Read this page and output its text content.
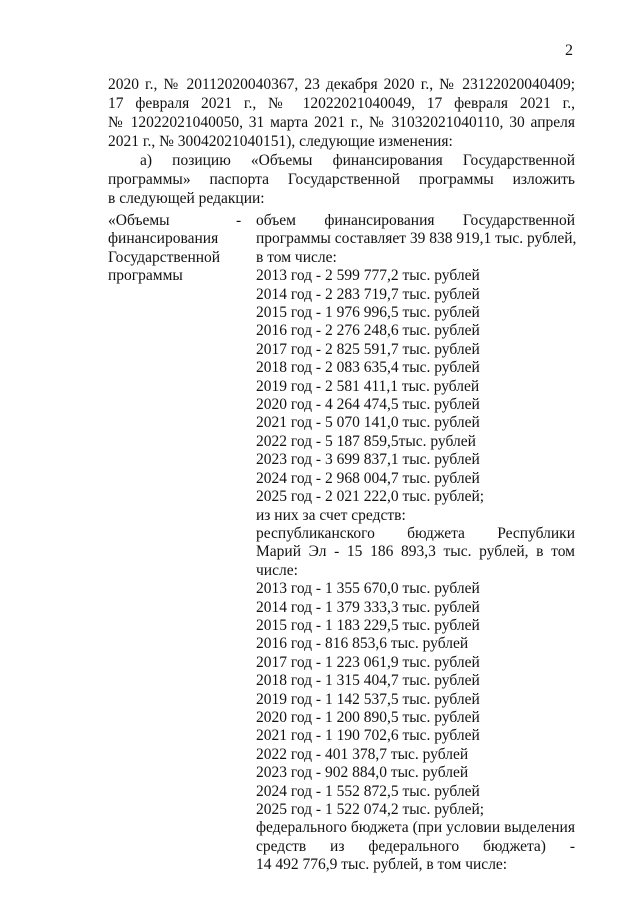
2
2020 г., № 20112020040367, 23 декабря 2020 г., № 23122020040409;
17 февраля 2021 г., № 12022021040049, 17 февраля 2021 г.,
№ 12022021040050, 31 марта 2021 г., № 31032021040110, 30 апреля
2021 г., № 30042021040151), следующие изменения:
а) позицию «Объемы финансирования Государственной
программы» паспорта Государственной программы изложить
в следующей редакции:
«Объемы
финансирования
Государственной
программы
- объем финансирования Государственной
программы составляет 39 838 919,1 тыс. рублей,
в том числе:
2013 год - 2 599 777,2 тыс. рублей
2014 год - 2 283 719,7 тыс. рублей
2015 год - 1 976 996,5 тыс. рублей
2016 год - 2 276 248,6 тыс. рублей
2017 год - 2 825 591,7 тыс. рублей
2018 год - 2 083 635,4 тыс. рублей
2019 год - 2 581 411,1 тыс. рублей
2020 год - 4 264 474,5 тыс. рублей
2021 год - 5 070 141,0 тыс. рублей
2022 год - 5 187 859,5тыс. рублей
2023 год - 3 699 837,1 тыс. рублей
2024 год - 2 968 004,7 тыс. рублей
2025 год - 2 021 222,0 тыс. рублей;
из них за счет средств:
республиканского бюджета Республики
Марий Эл - 15 186 893,3 тыс. рублей, в том
числе:
2013 год - 1 355 670,0 тыс. рублей
2014 год - 1 379 333,3 тыс. рублей
2015 год - 1 183 229,5 тыс. рублей
2016 год - 816 853,6 тыс. рублей
2017 год - 1 223 061,9 тыс. рублей
2018 год - 1 315 404,7 тыс. рублей
2019 год - 1 142 537,5 тыс. рублей
2020 год - 1 200 890,5 тыс. рублей
2021 год - 1 190 702,6 тыс. рублей
2022 год - 401 378,7 тыс. рублей
2023 год - 902 884,0 тыс. рублей
2024 год - 1 552 872,5 тыс. рублей
2025 год - 1 522 074,2 тыс. рублей;
федерального бюджета (при условии выделения
средств из федерального бюджета) -
14 492 776,9 тыс. рублей, в том числе:
